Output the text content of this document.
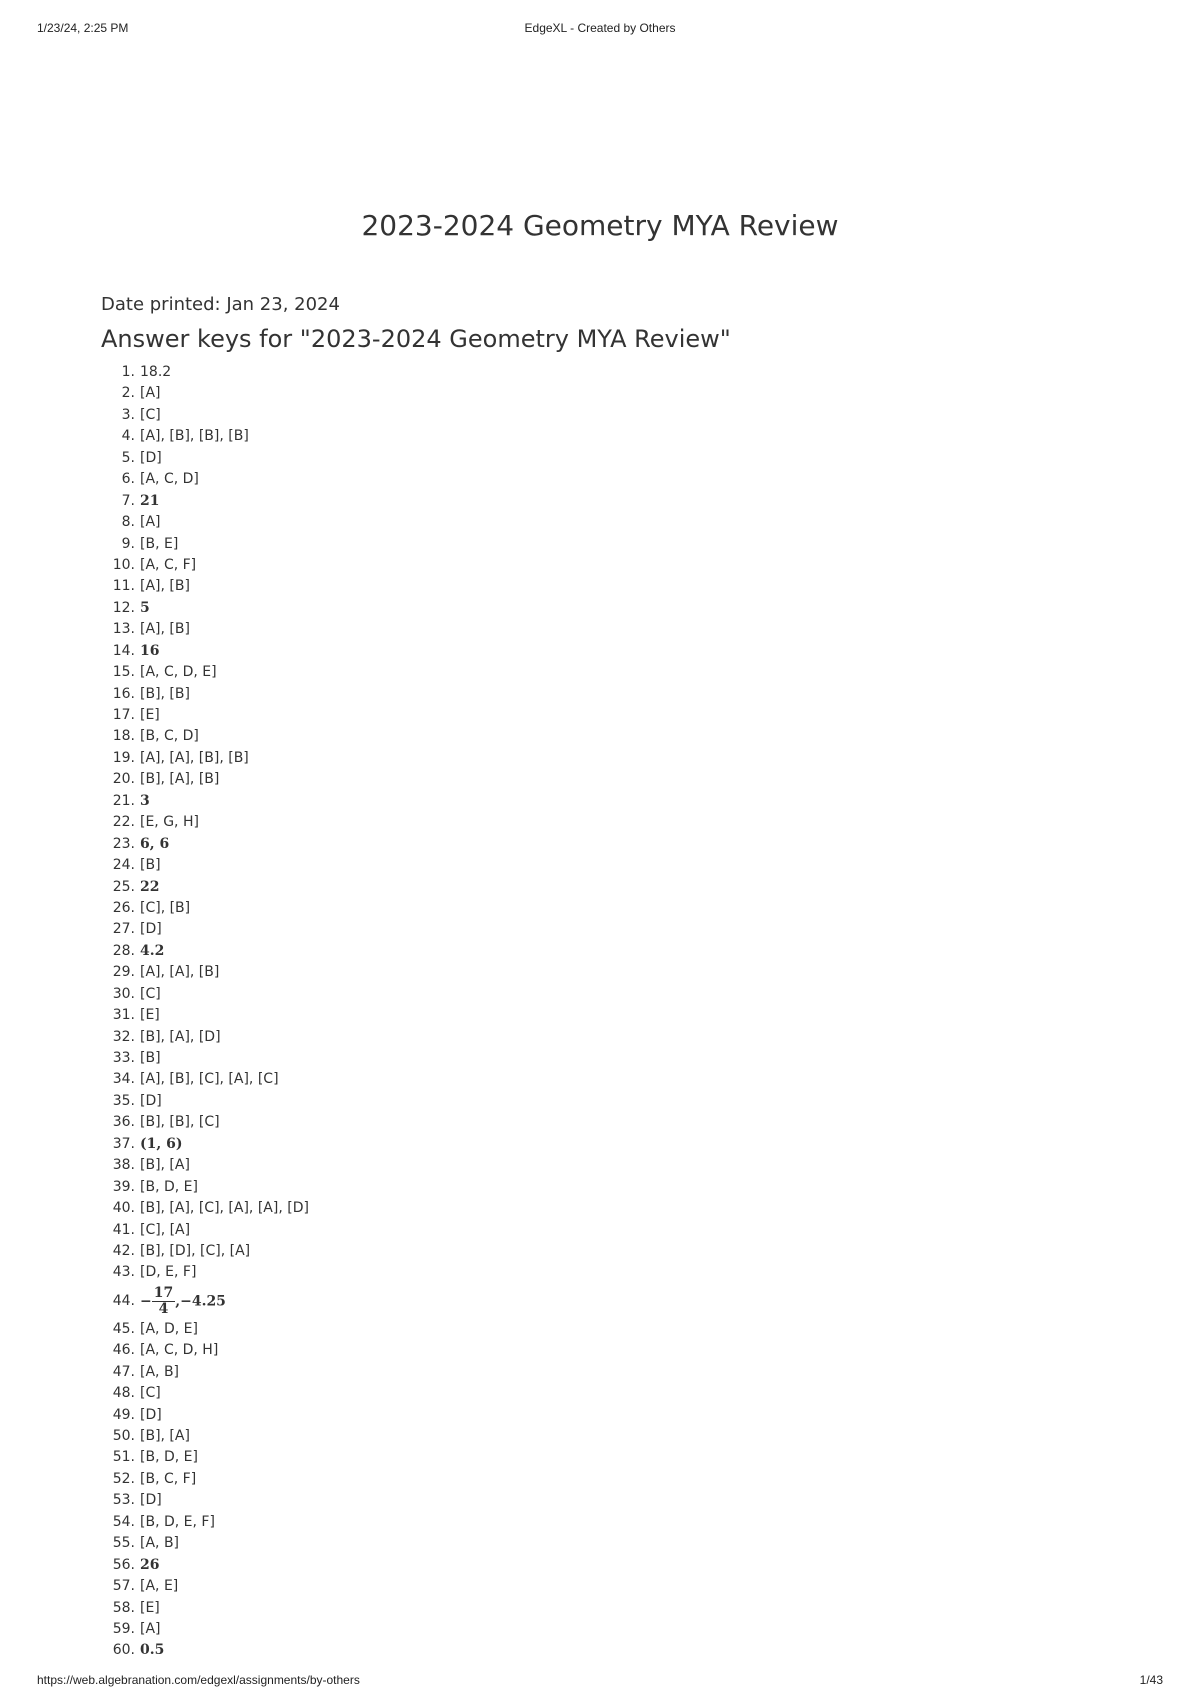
1/23/24, 2:25 PM	EdgeXL - Created by Others
2023-2024 Geometry MYA Review
Date printed: Jan 23, 2024
Answer keys for "2023-2024 Geometry MYA Review"
1. 18.2
2. [A]
3. [C]
4. [A], [B], [B], [B]
5. [D]
6. [A, C, D]
7. 21
8. [A]
9. [B, E]
10. [A, C, F]
11. [A], [B]
12. 5
13. [A], [B]
14. 16
15. [A, C, D, E]
16. [B], [B]
17. [E]
18. [B, C, D]
19. [A], [A], [B], [B]
20. [B], [A], [B]
21. 3
22. [E, G, H]
23. 6, 6
24. [B]
25. 22
26. [C], [B]
27. [D]
28. 4.2
29. [A], [A], [B]
30. [C]
31. [E]
32. [B], [A], [D]
33. [B]
34. [A], [B], [C], [A], [C]
35. [D]
36. [B], [B], [C]
37. (1, 6)
38. [B], [A]
39. [B, D, E]
40. [B], [A], [C], [A], [A], [D]
41. [C], [A]
42. [B], [D], [C], [A]
43. [D, E, F]
44. − $\frac{17}{4} ,-4.25$
45. [A, D, E]
46. [A, C, D, H]
47. [A, B]
48. [C]
49. [D]
50. [B], [A]
51. [B, D, E]
52. [B, C, F]
53. [D]
54. [B, D, E, F]
55. [A, B]
56. 26
57. [A, E]
58. [E]
59. [A]
60. 0.5
https://web.algebranation.com/edgexl/assignments/by-others	1/43
